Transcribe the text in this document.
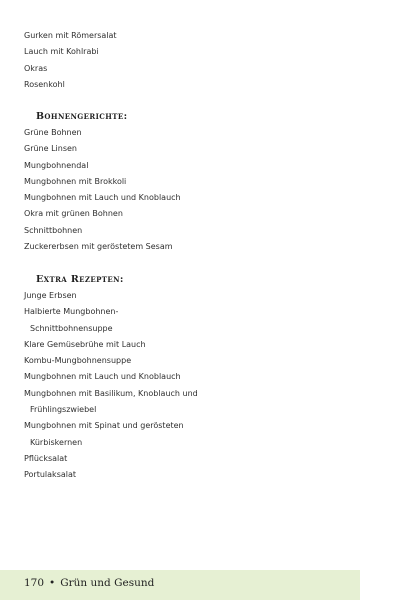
Gurken mit Römersalat
Lauch mit Kohlrabi
Okras
Rosenkohl
Bohnengerichte:
Grüne Bohnen
Grüne Linsen
Mungbohnendal
Mungbohnen mit Brokkoli
Mungbohnen mit Lauch und Knoblauch
Okra mit grünen Bohnen
Schnittbohnen
Zuckererbsen mit geröstetem Sesam
Extra Rezepten:
Junge Erbsen
Halbierte Mungbohnen-
Schnittbohnensuppe
Klare Gemüsebrühe mit Lauch
Kombu-Mungbohnensuppe
Mungbohnen mit Lauch und Knoblauch
Mungbohnen mit Basilikum, Knoblauch und
Frühlingszwiebel
Mungbohnen mit Spinat und gerösteten
Kürbiskernen
Pflücksalat
Portulaksalat
170 • Grün und Gesund
